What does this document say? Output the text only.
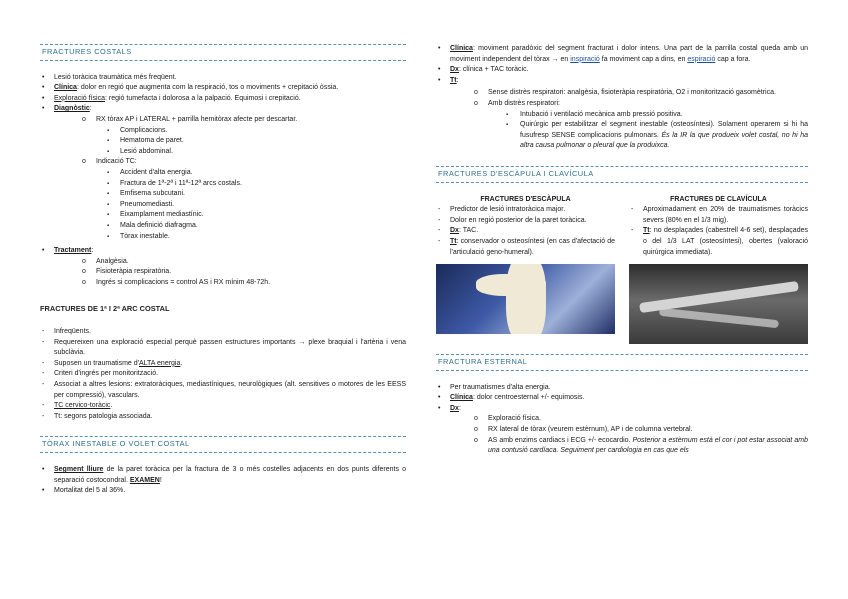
FRACTURES COSTALS
• Lesió toràcica traumàtica més freqüent.
• Clínica: dolor en regió que augmenta com la respiració, tos o moviments + crepitació òssia.
• Exploració física: regió tumefacta i dolorosa a la palpació. Equimosi i crepitació.
• Diagnòstic:
o RX tòrax AP i LATERAL + parrilla hemitòrax afecte per descartar.
▪ Complicacions.
▪ Hematoma de paret.
▪ Lesió abdominal.
o Indicació TC:
▪ Accident d'alta energia.
▪ Fractura de 1ª-2ª i 11ª-12ª arcs costals.
▪ Emfisema subcutani.
▪ Pneumomediasti.
▪ Eixamplament mediastínic.
▪ Mala definició diafragma.
▪ Tòrax inestable.
• Tractament:
o Analgèsia.
o Fisioteràpia respiratòria.
o Ingrés si complicacions = control AS i RX mínim 48-72h.
FRACTURES DE 1ª I 2ª ARC COSTAL
- Infreqüents.
- Requereixen una exploració especial perquè passen estructures importants → plexe braquial i l'artèria i vena subclàvia.
- Suposen un traumatisme d'ALTA energia.
- Criteri d'ingrés per monitorització.
- Associat a altres lesions: extratoràciques, mediastíniques, neurològiques (alt. sensitives o motores de les EESS per compressió), vasculars.
- TC cervico-toràcic.
- Tt: segons patologia associada.
TÒRAX INESTABLE O VOLET COSTAL
• Segment lliure de la paret toràcica per la fractura de 3 o més costelles adjacents en dos punts diferents o separació costocondral. EXAMEN!
• Mortalitat del 5 al 36%.
• Clínica: moviment paradòxic del segment fracturat i dolor intens. Una part de la parrilla costal queda amb un moviment independent del tòrax → en inspiració fa moviment cap a dins, en espiració cap a fora.
• Dx: clínica + TAC toràcic.
• Tt:
o Sense distrès respiratori: analgèsia, fisioteràpia respiratòria, O2 i monitorització gasomètrica.
o Amb distrès respiratori:
▪ Intubació i ventilació mecànica amb pressió positiva.
▪ Quirúrgic per estabilitzar el segment inestable (osteosíntesi). Solament operarem si hi ha fusufresp SENSE complicacions pulmonars. És la IR la que produeix volet costal, no hi ha altra causa pulmonar o pleural que la produixca.
FRACTURES D'ESCÀPULA I CLAVÍCULA
FRACTURES D'ESCÀPULA
- Predictor de lesió intratoràcica major.
- Dolor en regió posterior de la paret toràcica.
- Dx: TAC.
- Tt: conservador o osteosíntesi (en cas d'afectació de l'articulació geno-humeral).
FRACTURES DE CLAVÍCULA
- Aproximadament en 20% de traumatismes toràcics severs (80% en el 1/3 mig).
- Tt: no desplaçades (cabestrell 4-6 set), desplaçades o del 1/3 LAT (osteosíntesi), obertes (valoració quirúrgica immediata).
FRACTURA ESTERNAL
• Per traumatismes d'alta energia.
• Clínica: dolor centroesternal +/- equimosis.
• Dx:
o Exploració física.
o RX lateral de tòrax (veurem estèrnum), AP i de columna vertebral.
o AS amb enzims cardiacs i ECG +/- ecocardio. Posterior a estèrnum està el cor i pot estar associat amb una contusió cardíaca. Seguiment per cardiologia en cas que els
